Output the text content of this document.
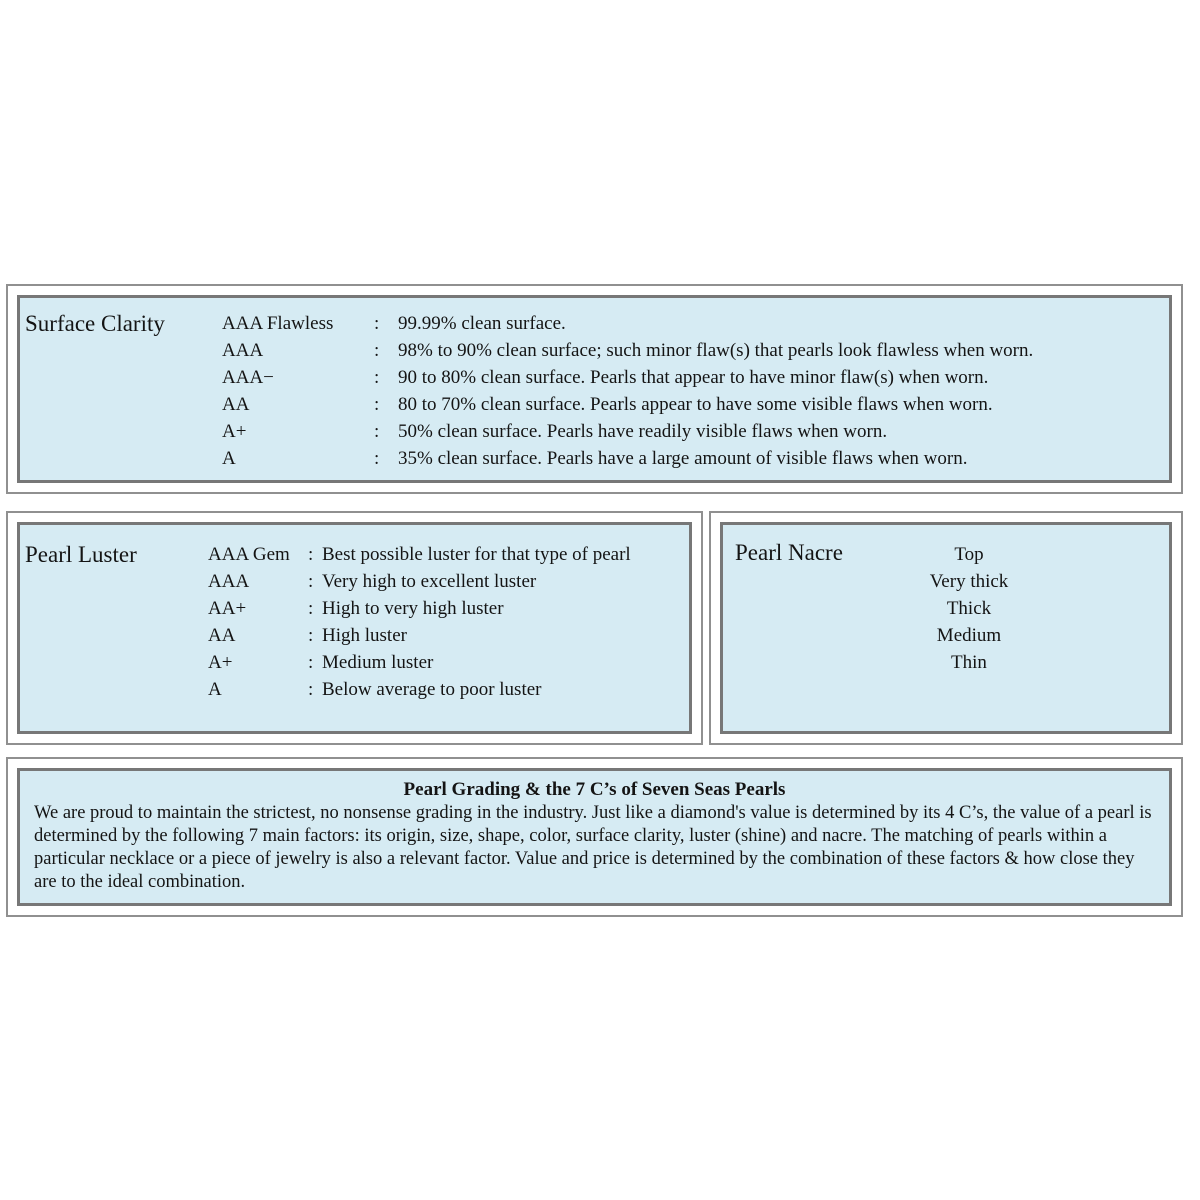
Surface Clarity	AAA Flawless	: 99.99% clean surface.
AAA	: 98% to 90% clean surface; such minor flaw(s) that pearls look flawless when worn.
AAA−	: 90 to 80% clean surface. Pearls that appear to have minor flaw(s) when worn.
AA	: 80 to 70% clean surface. Pearls appear to have some visible flaws when worn.
A+	: 50% clean surface. Pearls have readily visible flaws when worn.
A	: 35% clean surface. Pearls have a large amount of visible flaws when worn.
Pearl Luster	AAA Gem : Best possible luster for that type of pearl
AAA	: Very high to excellent luster
AA+	: High to very high luster
AA	: High luster
A+	: Medium luster
A	: Below average to poor luster
Pearl Nacre	Top
Very thick
Thick
Medium
Thin
Pearl Grading & the 7 C’s of Seven Seas Pearls
We are proud to maintain the strictest, no nonsense grading in the industry. Just like a diamond's value is determined by its 4 C’s, the value of a pearl is determined by the following 7 main factors: its origin, size, shape, color, surface clarity, luster (shine) and nacre. The matching of pearls within a particular necklace or a piece of jewelry is also a relevant factor. Value and price is determined by the combination of these factors & how close they are to the ideal combination.
